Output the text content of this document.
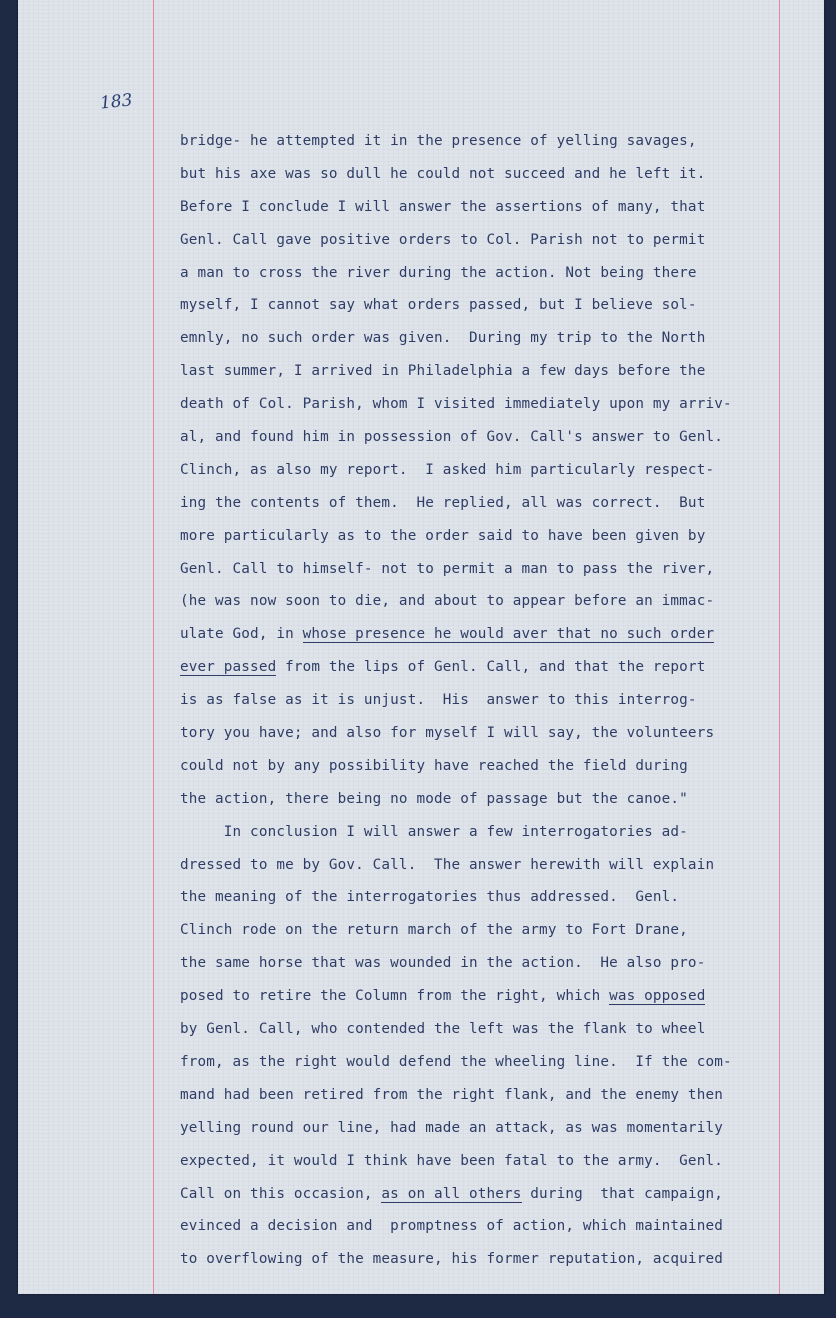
183
bridge- he attempted it in the presence of yelling savages,
but his axe was so dull he could not succeed and he left it.
Before I conclude I will answer the assertions of many, that
Genl. Call gave positive orders to Col. Parish not to permit
a man to cross the river during the action. Not being there
myself, I cannot say what orders passed, but I believe sol-
emnly, no such order was given.  During my trip to the North
last summer, I arrived in Philadelphia a few days before the
death of Col. Parish, whom I visited immediately upon my arriv-
al, and found him in possession of Gov. Call's answer to Genl.
Clinch, as also my report.  I asked him particularly respect-
ing the contents of them.  He replied, all was correct.  But
more particularly as to the order said to have been given by
Genl. Call to himself- not to permit a man to pass the river,
(he was now soon to die, and about to appear before an immac-
ulate God, in whose presence he would aver that no such order
ever passed from the lips of Genl. Call, and that the report
is as false as it is unjust.  His  answer to this interrog-
tory you have; and also for myself I will say, the volunteers
could not by any possibility have reached the field during
the action, there being no mode of passage but the canoe."
In conclusion I will answer a few interrogatories ad-
dressed to me by Gov. Call.  The answer herewith will explain
the meaning of the interrogatories thus addressed.  Genl.
Clinch rode on the return march of the army to Fort Drane,
the same horse that was wounded in the action.  He also pro-
posed to retire the Column from the right, which was opposed
by Genl. Call, who contended the left was the flank to wheel
from, as the right would defend the wheeling line.  If the com-
mand had been retired from the right flank, and the enemy then
yelling round our line, had made an attack, as was momentarily
expected, it would I think have been fatal to the army.  Genl.
Call on this occasion, as on all others during  that campaign,
evinced a decision and  promptness of action, which maintained
to overflowing of the measure, his former reputation, acquired
